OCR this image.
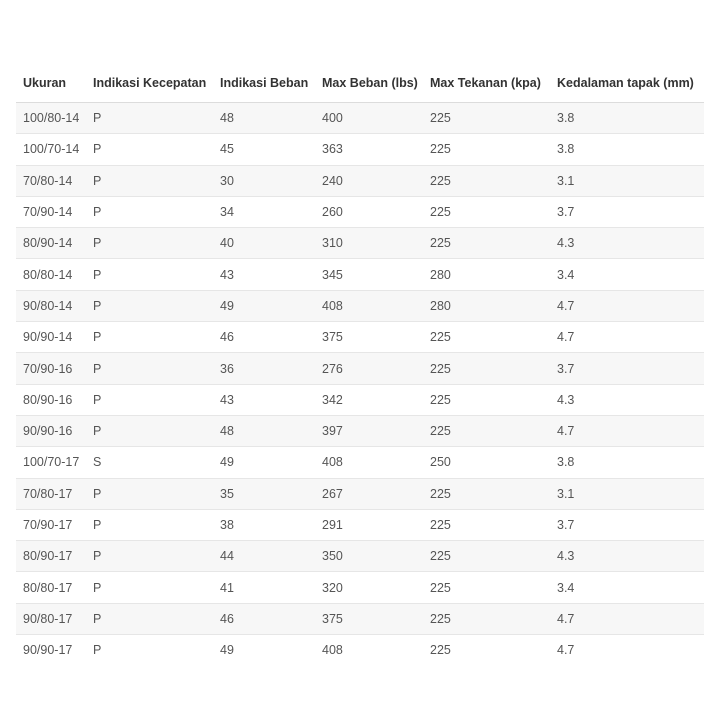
Ukuran	Indikasi Kecepatan	Indikasi Beban	Max Beban (lbs)	Max Tekanan (kpa)	Kedalaman tapak (mm)
100/80-14	P	48	400	225	3.8
100/70-14	P	45	363	225	3.8
70/80-14	P	30	240	225	3.1
70/90-14	P	34	260	225	3.7
80/90-14	P	40	310	225	4.3
80/80-14	P	43	345	280	3.4
90/80-14	P	49	408	280	4.7
90/90-14	P	46	375	225	4.7
70/90-16	P	36	276	225	3.7
80/90-16	P	43	342	225	4.3
90/90-16	P	48	397	225	4.7
100/70-17	S	49	408	250	3.8
70/80-17	P	35	267	225	3.1
70/90-17	P	38	291	225	3.7
80/90-17	P	44	350	225	4.3
80/80-17	P	41	320	225	3.4
90/80-17	P	46	375	225	4.7
90/90-17	P	49	408	225	4.7
